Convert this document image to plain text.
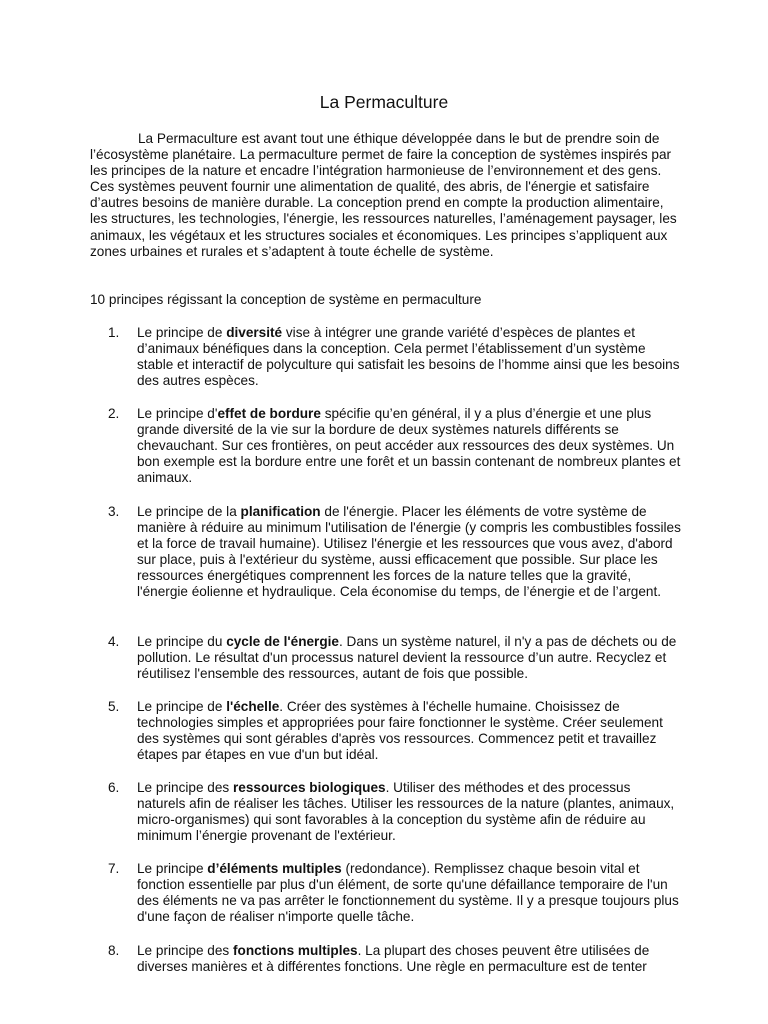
La Permaculture

La Permaculture est avant tout une éthique développée dans le but de prendre soin de l’écosystème planétaire. La permaculture permet de faire la conception de systèmes inspirés par les principes de la nature et encadre l’intégration harmonieuse de l’environnement et des gens. Ces systèmes peuvent fournir une alimentation de qualité, des abris, de l'énergie et satisfaire d’autres besoins de manière durable. La conception prend en compte la production alimentaire, les structures, les technologies, l'énergie, les ressources naturelles, l’aménagement paysager, les animaux, les végétaux et les structures sociales et économiques. Les principes s’appliquent aux zones urbaines et rurales et s’adaptent à toute échelle de système.

10 principes régissant la conception de système en permaculture
1.	Le principe de diversité vise à intégrer une grande variété d’espèces de plantes et d’animaux bénéfiques dans la conception. Cela permet l’établissement d’un système stable et interactif de polyculture qui satisfait les besoins de l’homme ainsi que les besoins des autres espèces.
2.	Le principe d'effet de bordure spécifie qu’en général, il y a plus d’énergie et une plus grande diversité de la vie sur la bordure de deux systèmes naturels différents se chevauchant. Sur ces frontières, on peut accéder aux ressources des deux systèmes. Un bon exemple est la bordure entre une forêt et un bassin contenant de nombreux plantes et animaux.
3.	Le principe de la planification de l'énergie. Placer les éléments de votre système de manière à réduire au minimum l'utilisation de l'énergie (y compris les combustibles fossiles et la force de travail humaine). Utilisez l'énergie et les ressources que vous avez, d'abord sur place, puis à l'extérieur du système, aussi efficacement que possible. Sur place les ressources énergétiques comprennent les forces de la nature telles que la gravité, l'énergie éolienne et hydraulique. Cela économise du temps, de l’énergie et de l’argent.
4.	Le principe du cycle de l'énergie. Dans un système naturel, il n'y a pas de déchets ou de pollution. Le résultat d'un processus naturel devient la ressource d’un autre. Recyclez et réutilisez l'ensemble des ressources, autant de fois que possible.
5.	Le principe de l'échelle. Créer des systèmes à l'échelle humaine. Choisissez de technologies simples et appropriées pour faire fonctionner le système. Créer seulement des systèmes qui sont gérables d'après vos ressources. Commencez petit et travaillez étapes par étapes en vue d'un but idéal.
6.	Le principe des ressources biologiques. Utiliser des méthodes et des processus naturels afin de réaliser les tâches. Utiliser les ressources de la nature (plantes, animaux, micro-organismes) qui sont favorables à la conception du système afin de réduire au minimum l’énergie provenant de l'extérieur.
7.	Le principe d’éléments multiples (redondance). Remplissez chaque besoin vital et fonction essentielle par plus d'un élément, de sorte qu'une défaillance temporaire de l'un des éléments ne va pas arrêter le fonctionnement du système. Il y a presque toujours plus d'une façon de réaliser n'importe quelle tâche.
8.	Le principe des fonctions multiples. La plupart des choses peuvent être utilisées de diverses manières et à différentes fonctions. Une règle en permaculture est de tenter
